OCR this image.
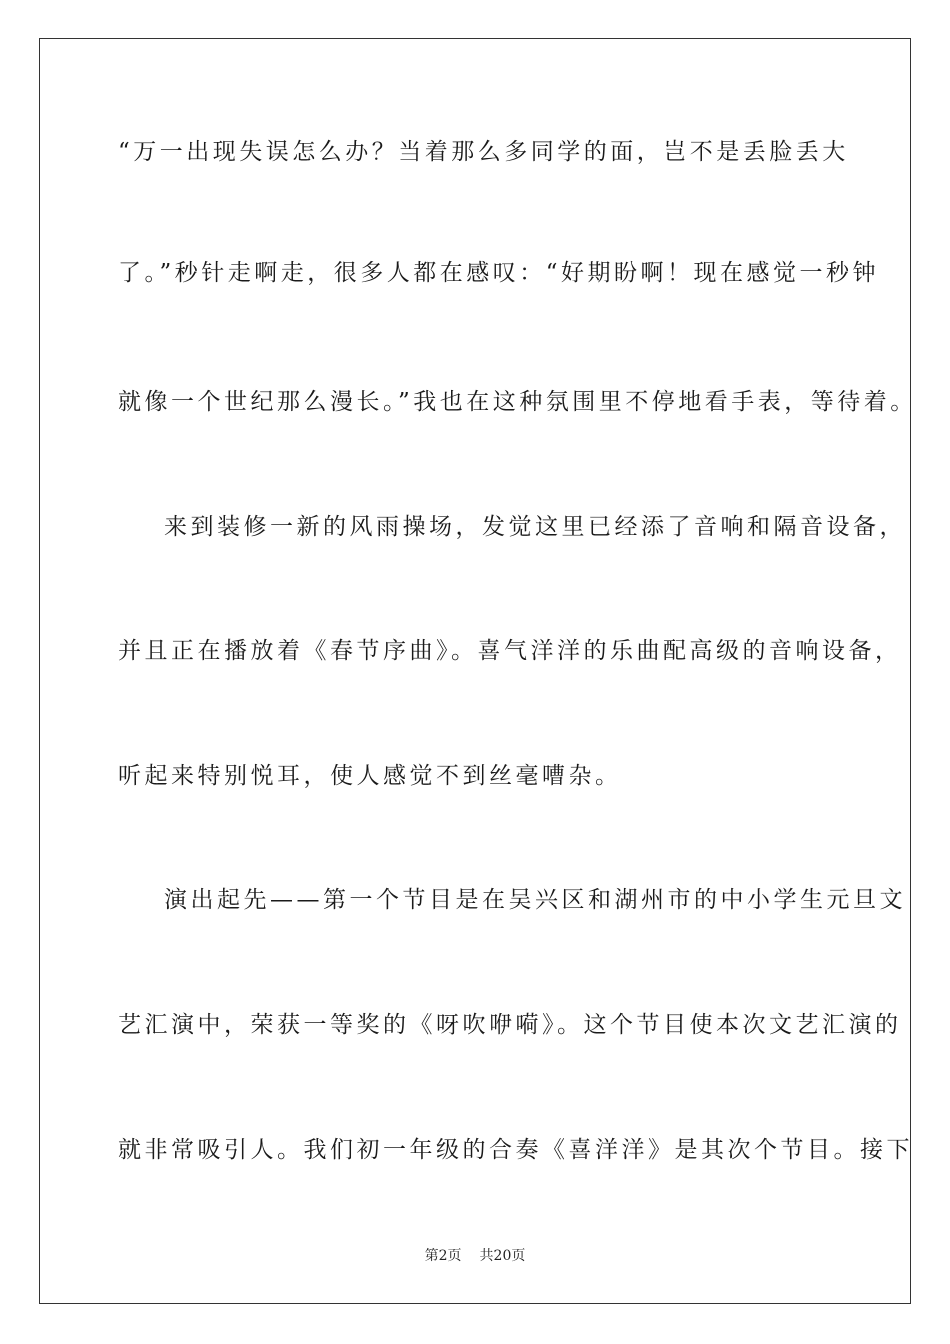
“万一出现失误怎么办？当着那么多同学的面，岂不是丢脸丢大
了。”秒针走啊走，很多人都在感叹：“好期盼啊！现在感觉一秒钟
就像一个世纪那么漫长。”我也在这种氛围里不停地看手表，等待着。
来到装修一新的风雨操场，发觉这里已经添了音响和隔音设备，
并且正在播放着《春节序曲》。喜气洋洋的乐曲配高级的音响设备，
听起来特别悦耳，使人感觉不到丝毫嘈杂。
演出起先——第一个节目是在吴兴区和湖州市的中小学生元旦文
艺汇演中，荣获一等奖的《呀吹咿嗬》。这个节目使本次文艺汇演的
就非常吸引人。我们初一年级的合奏《喜洋洋》是其次个节目。接下
第2页 共20页
